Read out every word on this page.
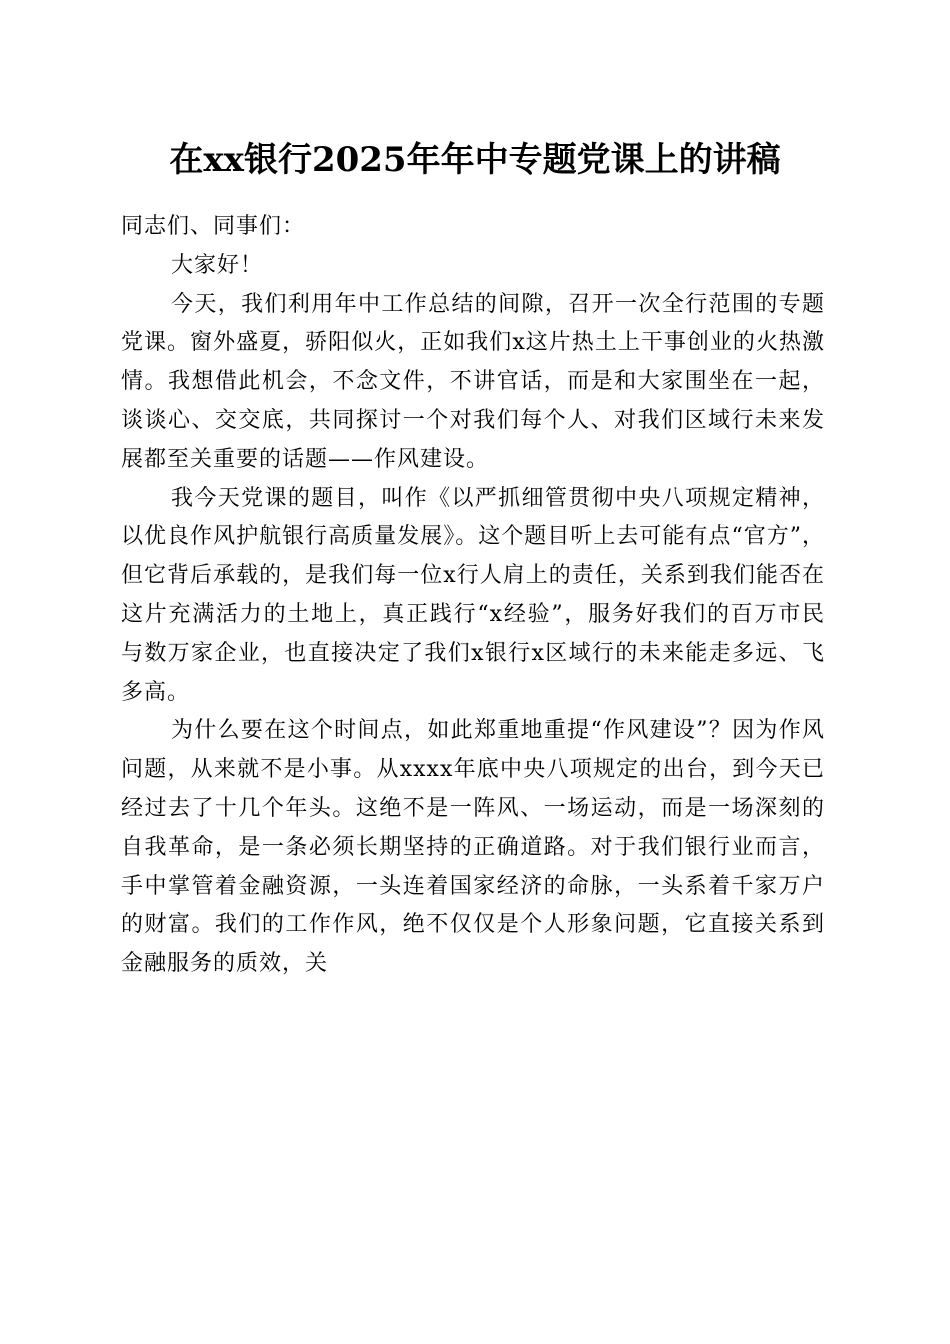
在xx银行2025年年中专题党课上的讲稿

同志们、同事们：

大家好！

今天，我们利用年中工作总结的间隙，召开一次全行范围的专题党课。窗外盛夏，骄阳似火，正如我们x这片热土上干事创业的火热激情。我想借此机会，不念文件，不讲官话，而是和大家围坐在一起，谈谈心、交交底，共同探讨一个对我们每个人、对我们区域行未来发展都至关重要的话题——作风建设。

我今天党课的题目，叫作《以严抓细管贯彻中央八项规定精神，以优良作风护航银行高质量发展》。这个题目听上去可能有点“官方”，但它背后承载的，是我们每一位x行人肩上的责任，关系到我们能否在这片充满活力的土地上，真正践行“x经验”，服务好我们的百万市民与数万家企业，也直接决定了我们x银行x区域行的未来能走多远、飞多高。

为什么要在这个时间点，如此郑重地重提“作风建设”？因为作风问题，从来就不是小事。从xxxx年底中央八项规定的出台，到今天已经过去了十几个年头。这绝不是一阵风、一场运动，而是一场深刻的自我革命，是一条必须长期坚持的正确道路。对于我们银行业而言，手中掌管着金融资源，一头连着国家经济的命脉，一头系着千家万户的财富。我们的工作作风，绝不仅仅是个人形象问题，它直接关系到金融服务的质效，关
